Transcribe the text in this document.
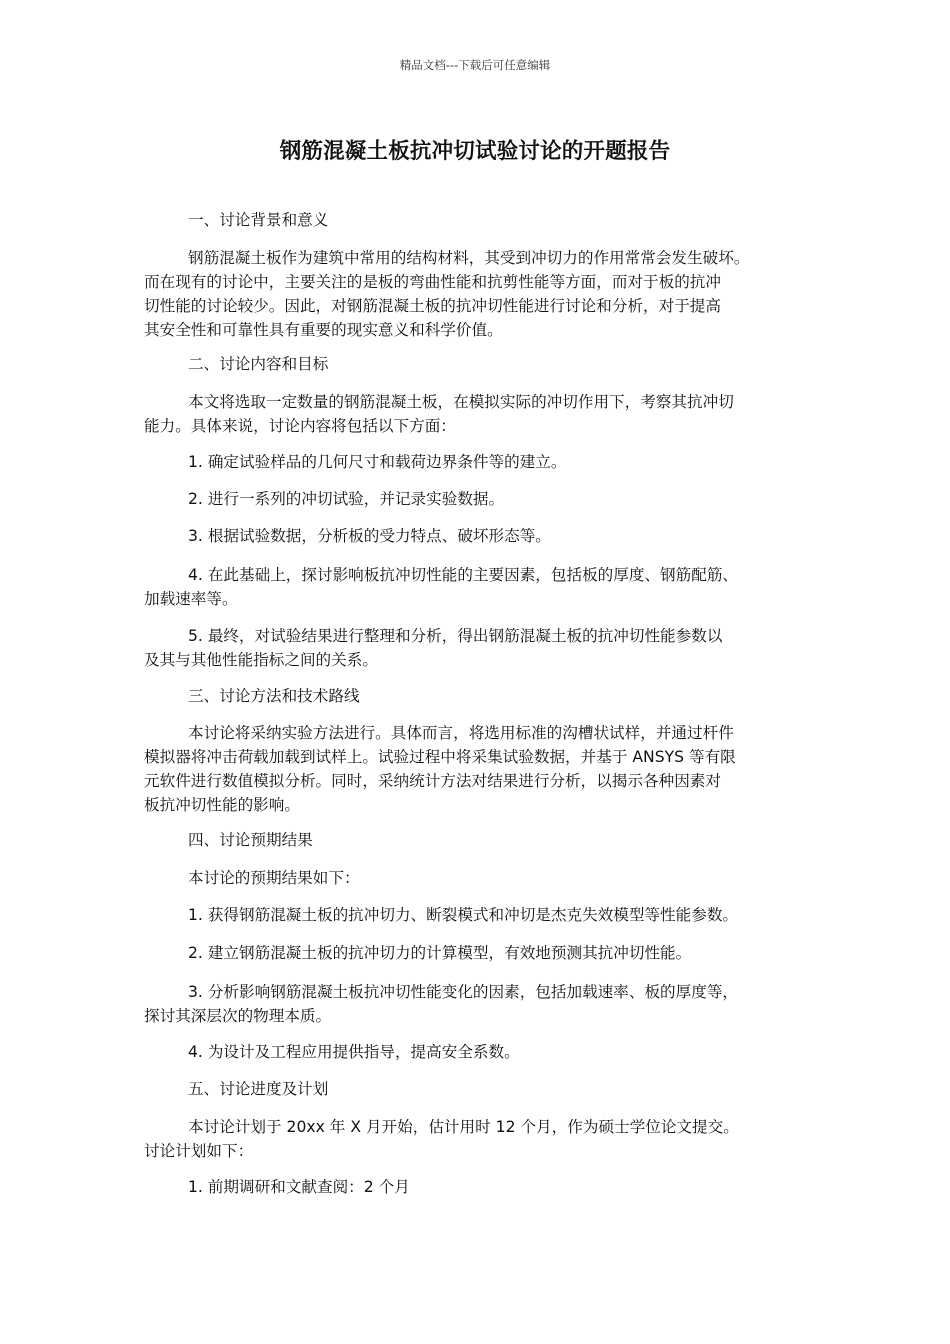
精品文档---下载后可任意编辑
钢筋混凝土板抗冲切试验讨论的开题报告
一、讨论背景和意义
钢筋混凝土板作为建筑中常用的结构材料，其受到冲切力的作用常常会发生破坏。
而在现有的讨论中，主要关注的是板的弯曲性能和抗剪性能等方面，而对于板的抗冲
切性能的讨论较少。因此，对钢筋混凝土板的抗冲切性能进行讨论和分析，对于提高
其安全性和可靠性具有重要的现实意义和科学价值。
二、讨论内容和目标
本文将选取一定数量的钢筋混凝土板，在模拟实际的冲切作用下，考察其抗冲切
能力。具体来说，讨论内容将包括以下方面：
1. 确定试验样品的几何尺寸和载荷边界条件等的建立。
2. 进行一系列的冲切试验，并记录实验数据。
3. 根据试验数据，分析板的受力特点、破坏形态等。
4. 在此基础上，探讨影响板抗冲切性能的主要因素，包括板的厚度、钢筋配筋、
加载速率等。
5. 最终，对试验结果进行整理和分析，得出钢筋混凝土板的抗冲切性能参数以
及其与其他性能指标之间的关系。
三、讨论方法和技术路线
本讨论将采纳实验方法进行。具体而言，将选用标准的沟槽状试样，并通过杆件
模拟器将冲击荷载加载到试样上。试验过程中将采集试验数据，并基于 ANSYS 等有限
元软件进行数值模拟分析。同时，采纳统计方法对结果进行分析，以揭示各种因素对
板抗冲切性能的影响。
四、讨论预期结果
本讨论的预期结果如下：
1. 获得钢筋混凝土板的抗冲切力、断裂模式和冲切是杰克失效模型等性能参数。
2. 建立钢筋混凝土板的抗冲切力的计算模型，有效地预测其抗冲切性能。
3. 分析影响钢筋混凝土板抗冲切性能变化的因素，包括加载速率、板的厚度等，
探讨其深层次的物理本质。
4. 为设计及工程应用提供指导，提高安全系数。
五、讨论进度及计划
本讨论计划于 20xx 年 X 月开始，估计用时 12 个月，作为硕士学位论文提交。
讨论计划如下：
1. 前期调研和文献查阅：2 个月
